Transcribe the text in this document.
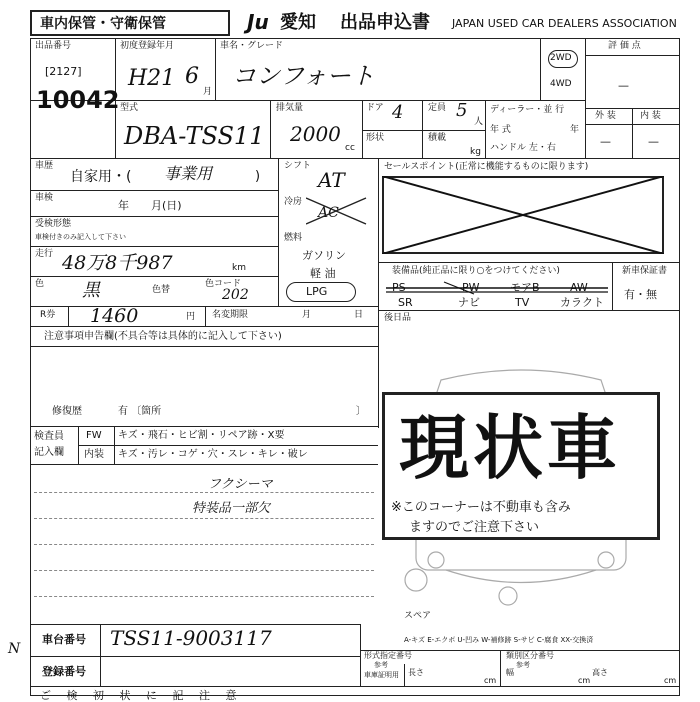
車内保管・守衛保管	Ju 愛知 出品申込書 JAPAN USED CAR DEALERS ASSOCIATION
出品番号
[2127]
10042
初度登録年月
H21 6
月
車名・グレード
コンフォート
2WD
4WD
評 価 点
—
外 装	内 装
—	—
型式
DBA-TSS11
排気量
2000
cc
ドア 4	定員 5
人
形状	積載
kg
ディーラー・並 行
年 式	年
ハンドル 左・右
車歴
自家用・( 事業用	)
車検
年　　月(日)
受検形態
車検付きのみ記入して下さい
走行 48万8千987	km
色 黒	色替
色コード
202
シフト
AT
冷房
AC
燃料
ガソリン
軽 油
LPG
セールスポイント(正常に機能するものに限ります)
装備品(純正品に限り○をつけてください)
PS	PW	モアB	AW
SR	ナビ	TV	カラクト
新車保証書
有・無
後日品
R券 1460	円 名変期限	月	日
注意事項申告欄(不具合等は具体的に記入して下さい)
修復歴	有 〔箇所	〕
検査員
記入欄
FW キズ・飛石・ヒビ割・リペア跡・X要
内装 キズ・汚レ・コゲ・穴・スレ・キレ・破レ
フクシーマ
特装品一部欠
スペア
現状車
※このコーナーは不動車も含み
ますのでご注意下さい
A-キズ E-エクボ U-凹み W-補修跡 S-サビ C-腐食 XX-交換済
N
車台番号 TSS11-9003117
登録番号
形式指定番号
参考
類別区分番号
参考
車庫証明用 長さ
cm
幅
cm
高さ
cm
ご 検 初 状 に 記 注 意
